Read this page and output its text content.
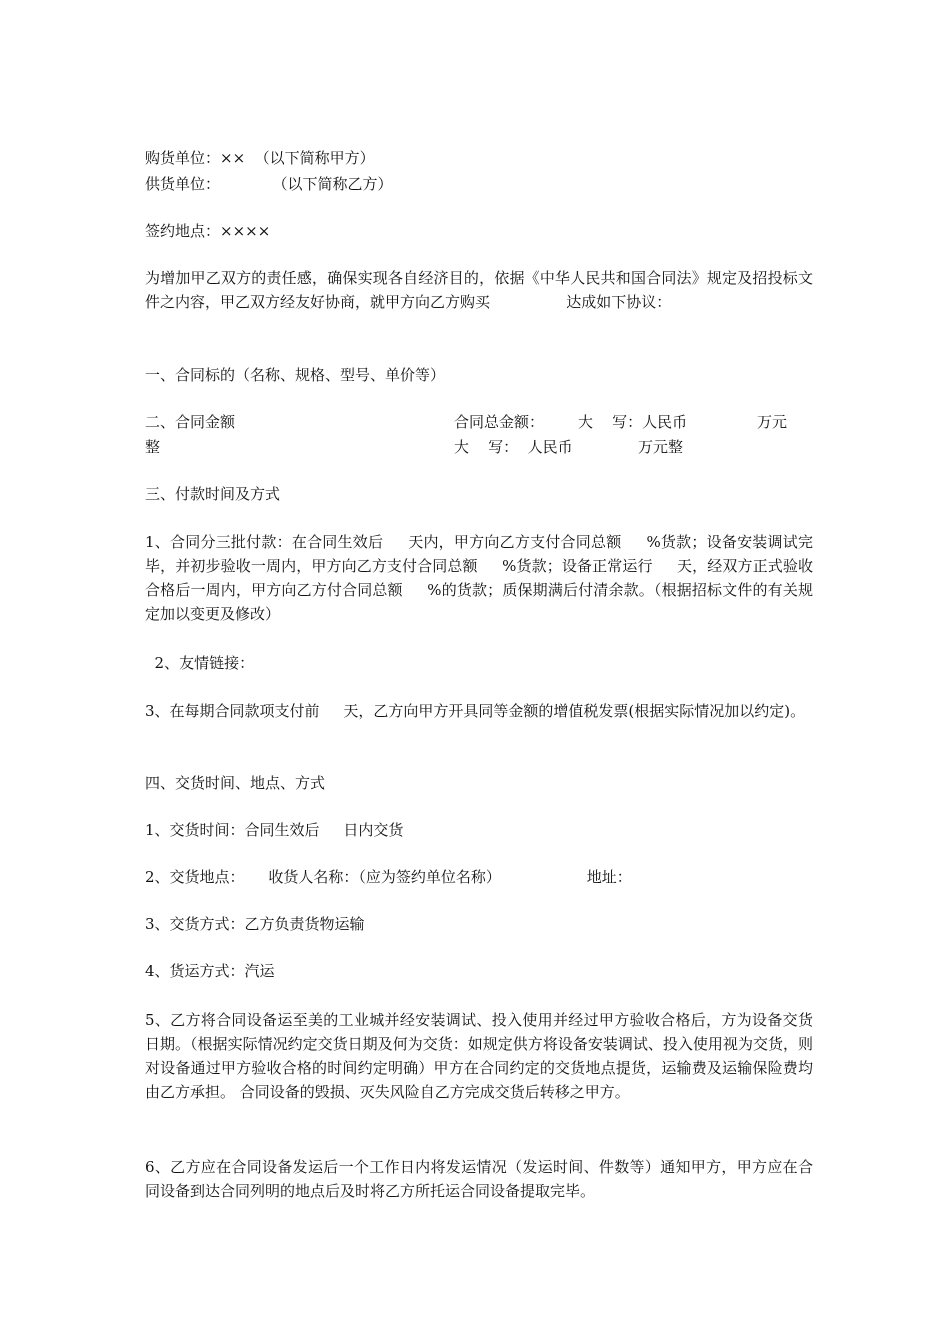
购货单位：××  （以下简称甲方）

供货单位：           （以下简称乙方）

签约地点：××××

为增加甲乙双方的责任感，确保实现各自经济目的，依据《中华人民共和国合同法》规定及招投标文件之内容，甲乙双方经友好协商，就甲方向乙方购买                达成如下协议：

一、合同标的（名称、规格、型号、单价等）

二、合同金额	合同总金额： 大    写：人民币	万元
整	大    写：  人民币	万元整

三、付款时间及方式

1、合同分三批付款：在合同生效后     天内，甲方向乙方支付合同总额     %货款；设备安装调试完毕，并初步验收一周内，甲方向乙方支付合同总额     %货款；设备正常运行     天，经双方正式验收合格后一周内，甲方向乙方付合同总额     %的货款；质保期满后付清余款。（根据招标文件的有关规定加以变更及修改）

2、友情链接：

3、在每期合同款项支付前     天，乙方向甲方开具同等金额的增值税发票(根据实际情况加以约定)。

四、交货时间、地点、方式

1、交货时间：合同生效后     日内交货

2、交货地点：     收货人名称：（应为签约单位名称）                  地址：

3、交货方式：乙方负责货物运输

4、货运方式：汽运

5、乙方将合同设备运至美的工业城并经安装调试、投入使用并经过甲方验收合格后，方为设备交货日期。（根据实际情况约定交货日期及何为交货：如规定供方将设备安装调试、投入使用视为交货，则对设备通过甲方验收合格的时间约定明确）甲方在合同约定的交货地点提货，运输费及运输保险费均由乙方承担。 合同设备的毁损、灭失风险自乙方完成交货后转移之甲方。

6、乙方应在合同设备发运后一个工作日内将发运情况（发运时间、件数等）通知甲方，甲方应在合同设备到达合同列明的地点后及时将乙方所托运合同设备提取完毕。
